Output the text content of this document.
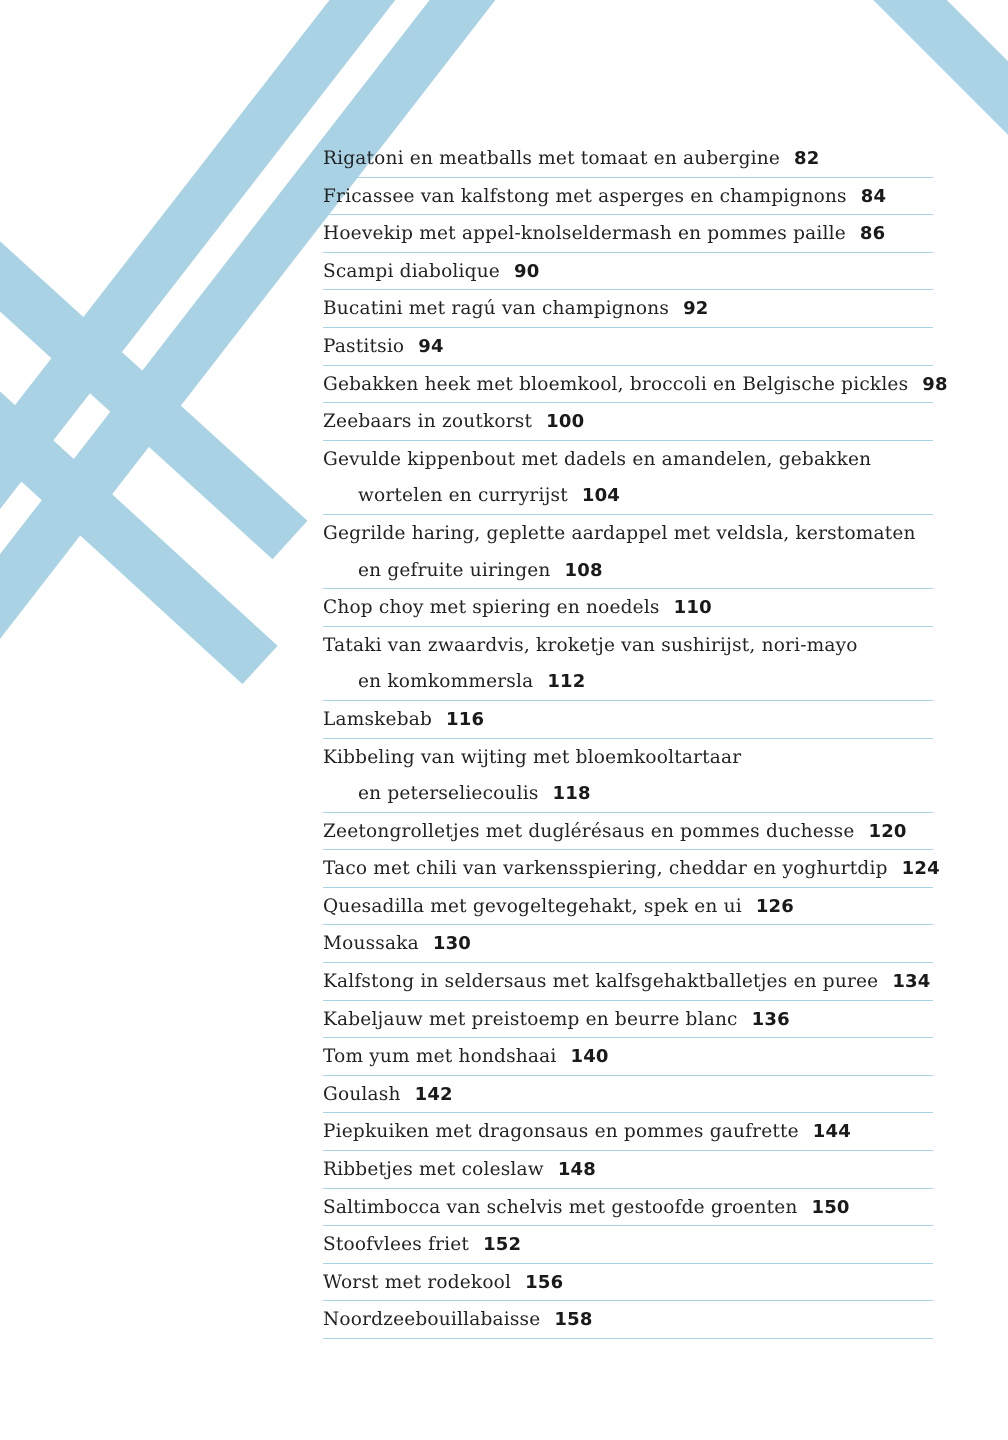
Rigatoni en meatballs met tomaat en aubergine 82
Fricassee van kalfstong met asperges en champignons 84
Hoevekip met appel-knolseldermash en pommes paille 86
Scampi diabolique 90
Bucatini met ragú van champignons 92
Pastitsio 94
Gebakken heek met bloemkool, broccoli en Belgische pickles 98
Zeebaars in zoutkorst 100
Gevulde kippenbout met dadels en amandelen, gebakken
wortelen en curryrijst 104
Gegrilde haring, geplette aardappel met veldsla, kerstomaten
en gefruite uiringen 108
Chop choy met spiering en noedels 110
Tataki van zwaardvis, kroketje van sushirijst, nori-mayo
en komkommersla 112
Lamskebab 116
Kibbeling van wijting met bloemkooltartaar
en peterseliecoulis 118
Zeetongrolletjes met duglérésaus en pommes duchesse 120
Taco met chili van varkensspiering, cheddar en yoghurtdip 124
Quesadilla met gevogeltegehakt, spek en ui 126
Moussaka 130
Kalfstong in seldersaus met kalfsgehaktballetjes en puree 134
Kabeljauw met preistoemp en beurre blanc 136
Tom yum met hondshaai 140
Goulash 142
Piepkuiken met dragonsaus en pommes gaufrette 144
Ribbetjes met coleslaw 148
Saltimbocca van schelvis met gestoofde groenten 150
Stoofvlees friet 152
Worst met rodekool 156
Noordzeebouillabaisse 158
